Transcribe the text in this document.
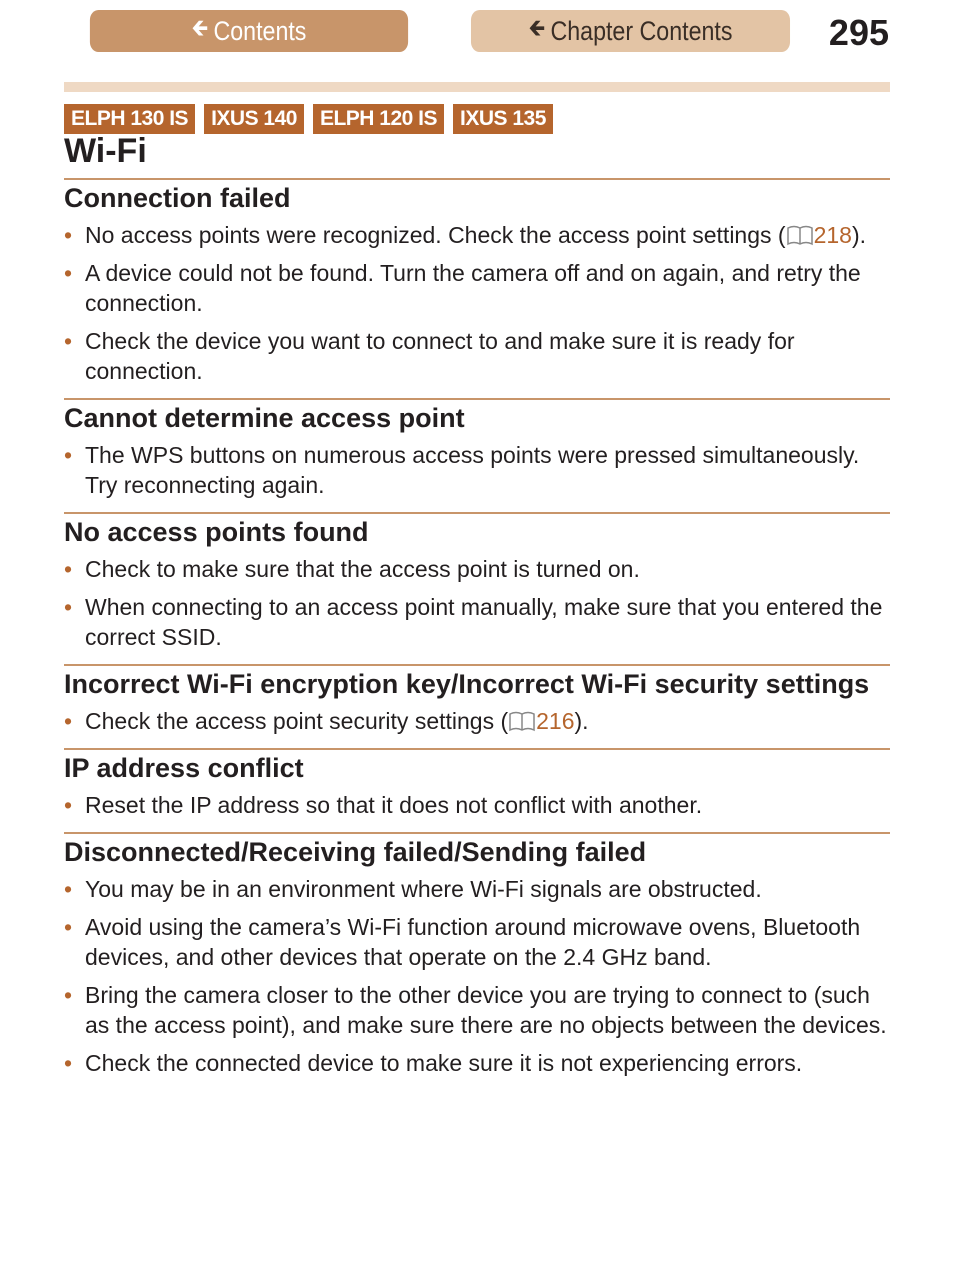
🡸 Contents	🡸 Chapter Contents	295
ELPH 130 IS	IXUS 140	ELPH 120 IS	IXUS 135
Wi-Fi
Connection failed
• No access points were recognized. Check the access point settings ( 218).
• A device could not be found. Turn the camera off and on again, and retry the connection.
• Check the device you want to connect to and make sure it is ready for connection.
Cannot determine access point
• The WPS buttons on numerous access points were pressed simultaneously. Try reconnecting again.
No access points found
• Check to make sure that the access point is turned on.
• When connecting to an access point manually, make sure that you entered the correct SSID.
Incorrect Wi-Fi encryption key/Incorrect Wi-Fi security settings
• Check the access point security settings ( 216).
IP address conflict
• Reset the IP address so that it does not conflict with another.
Disconnected/Receiving failed/Sending failed
• You may be in an environment where Wi-Fi signals are obstructed.
• Avoid using the camera’s Wi-Fi function around microwave ovens, Bluetooth devices, and other devices that operate on the 2.4 GHz band.
• Bring the camera closer to the other device you are trying to connect to (such as the access point), and make sure there are no objects between the devices.
• Check the connected device to make sure it is not experiencing errors.
